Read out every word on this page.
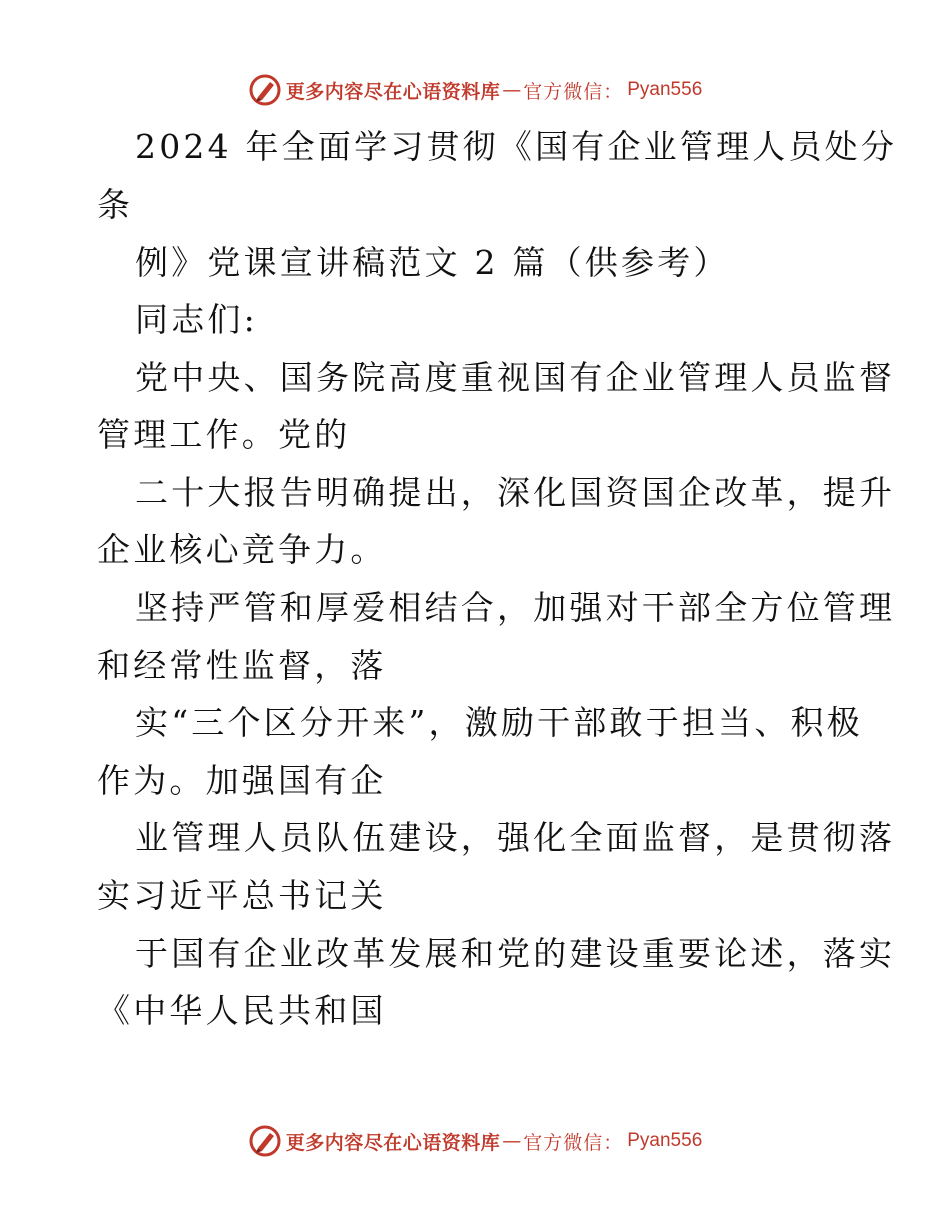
更多内容尽在心语资料库 — 官方微信： Pyan556

2024 年全面学习贯彻《国有企业管理人员处分

条

例》党课宣讲稿范文 2 篇（供参考）

同志们:

党中央、国务院高度重视国有企业管理人员监督

管理工作。党的

二十大报告明确提出，深化国资国企改革，提升

企业核心竞争力。

坚持严管和厚爱相结合，加强对干部全方位管理

和经常性监督，落

实“三个区分开来”，激励干部敢于担当、积极

作为。加强国有企

业管理人员队伍建设，强化全面监督，是贯彻落

实习近平总书记关

于国有企业改革发展和党的建设重要论述，落实

《中华人民共和国

更多内容尽在心语资料库 — 官方微信： Pyan556
